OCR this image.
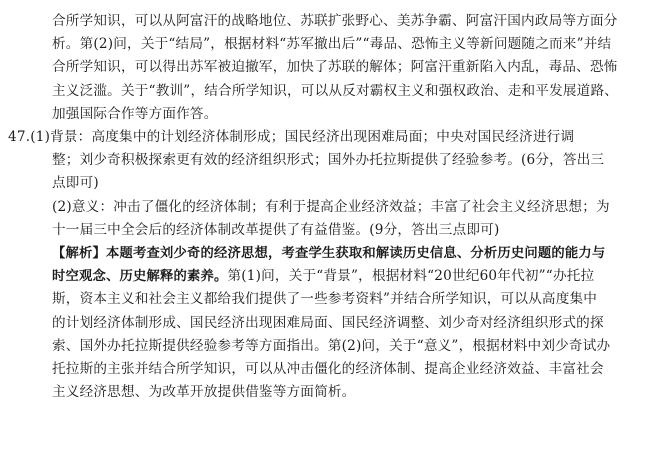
合所学知识，可以从阿富汗的战略地位、苏联扩张野心、美苏争霸、阿富汗国内政局等方面分
析。第(2)问，关于“结局”，根据材料“苏军撤出后”“毒品、恐怖主义等新问题随之而来”并结
合所学知识，可以得出苏军被迫撤军，加快了苏联的解体；阿富汗重新陷入内乱，毒品、恐怖
主义泛滥。关于“教训”，结合所学知识，可以从反对霸权主义和强权政治、走和平发展道路、
加强国际合作等方面作答。
47.(1)背景：高度集中的计划经济体制形成；国民经济出现困难局面；中央对国民经济进行调
整；刘少奇积极探索更有效的经济组织形式；国外办托拉斯提供了经验参考。(6分，答出三
点即可)
(2)意义：冲击了僵化的经济体制；有利于提高企业经济效益；丰富了社会主义经济思想；为
十一届三中全会后的经济体制改革提供了有益借鉴。(9分，答出三点即可)
【解析】本题考查刘少奇的经济思想，考查学生获取和解读历史信息、分析历史问题的能力与
时空观念、历史解释的素养。第(1)问，关于“背景”，根据材料“20世纪60年代初”“办托拉
斯，资本主义和社会主义都给我们提供了一些参考资料”并结合所学知识，可以从高度集中
的计划经济体制形成、国民经济出现困难局面、国民经济调整、刘少奇对经济组织形式的探
索、国外办托拉斯提供经验参考等方面指出。第(2)问，关于“意义”，根据材料中刘少奇试办
托拉斯的主张并结合所学知识，可以从冲击僵化的经济体制、提高企业经济效益、丰富社会
主义经济思想、为改革开放提供借鉴等方面简析。
